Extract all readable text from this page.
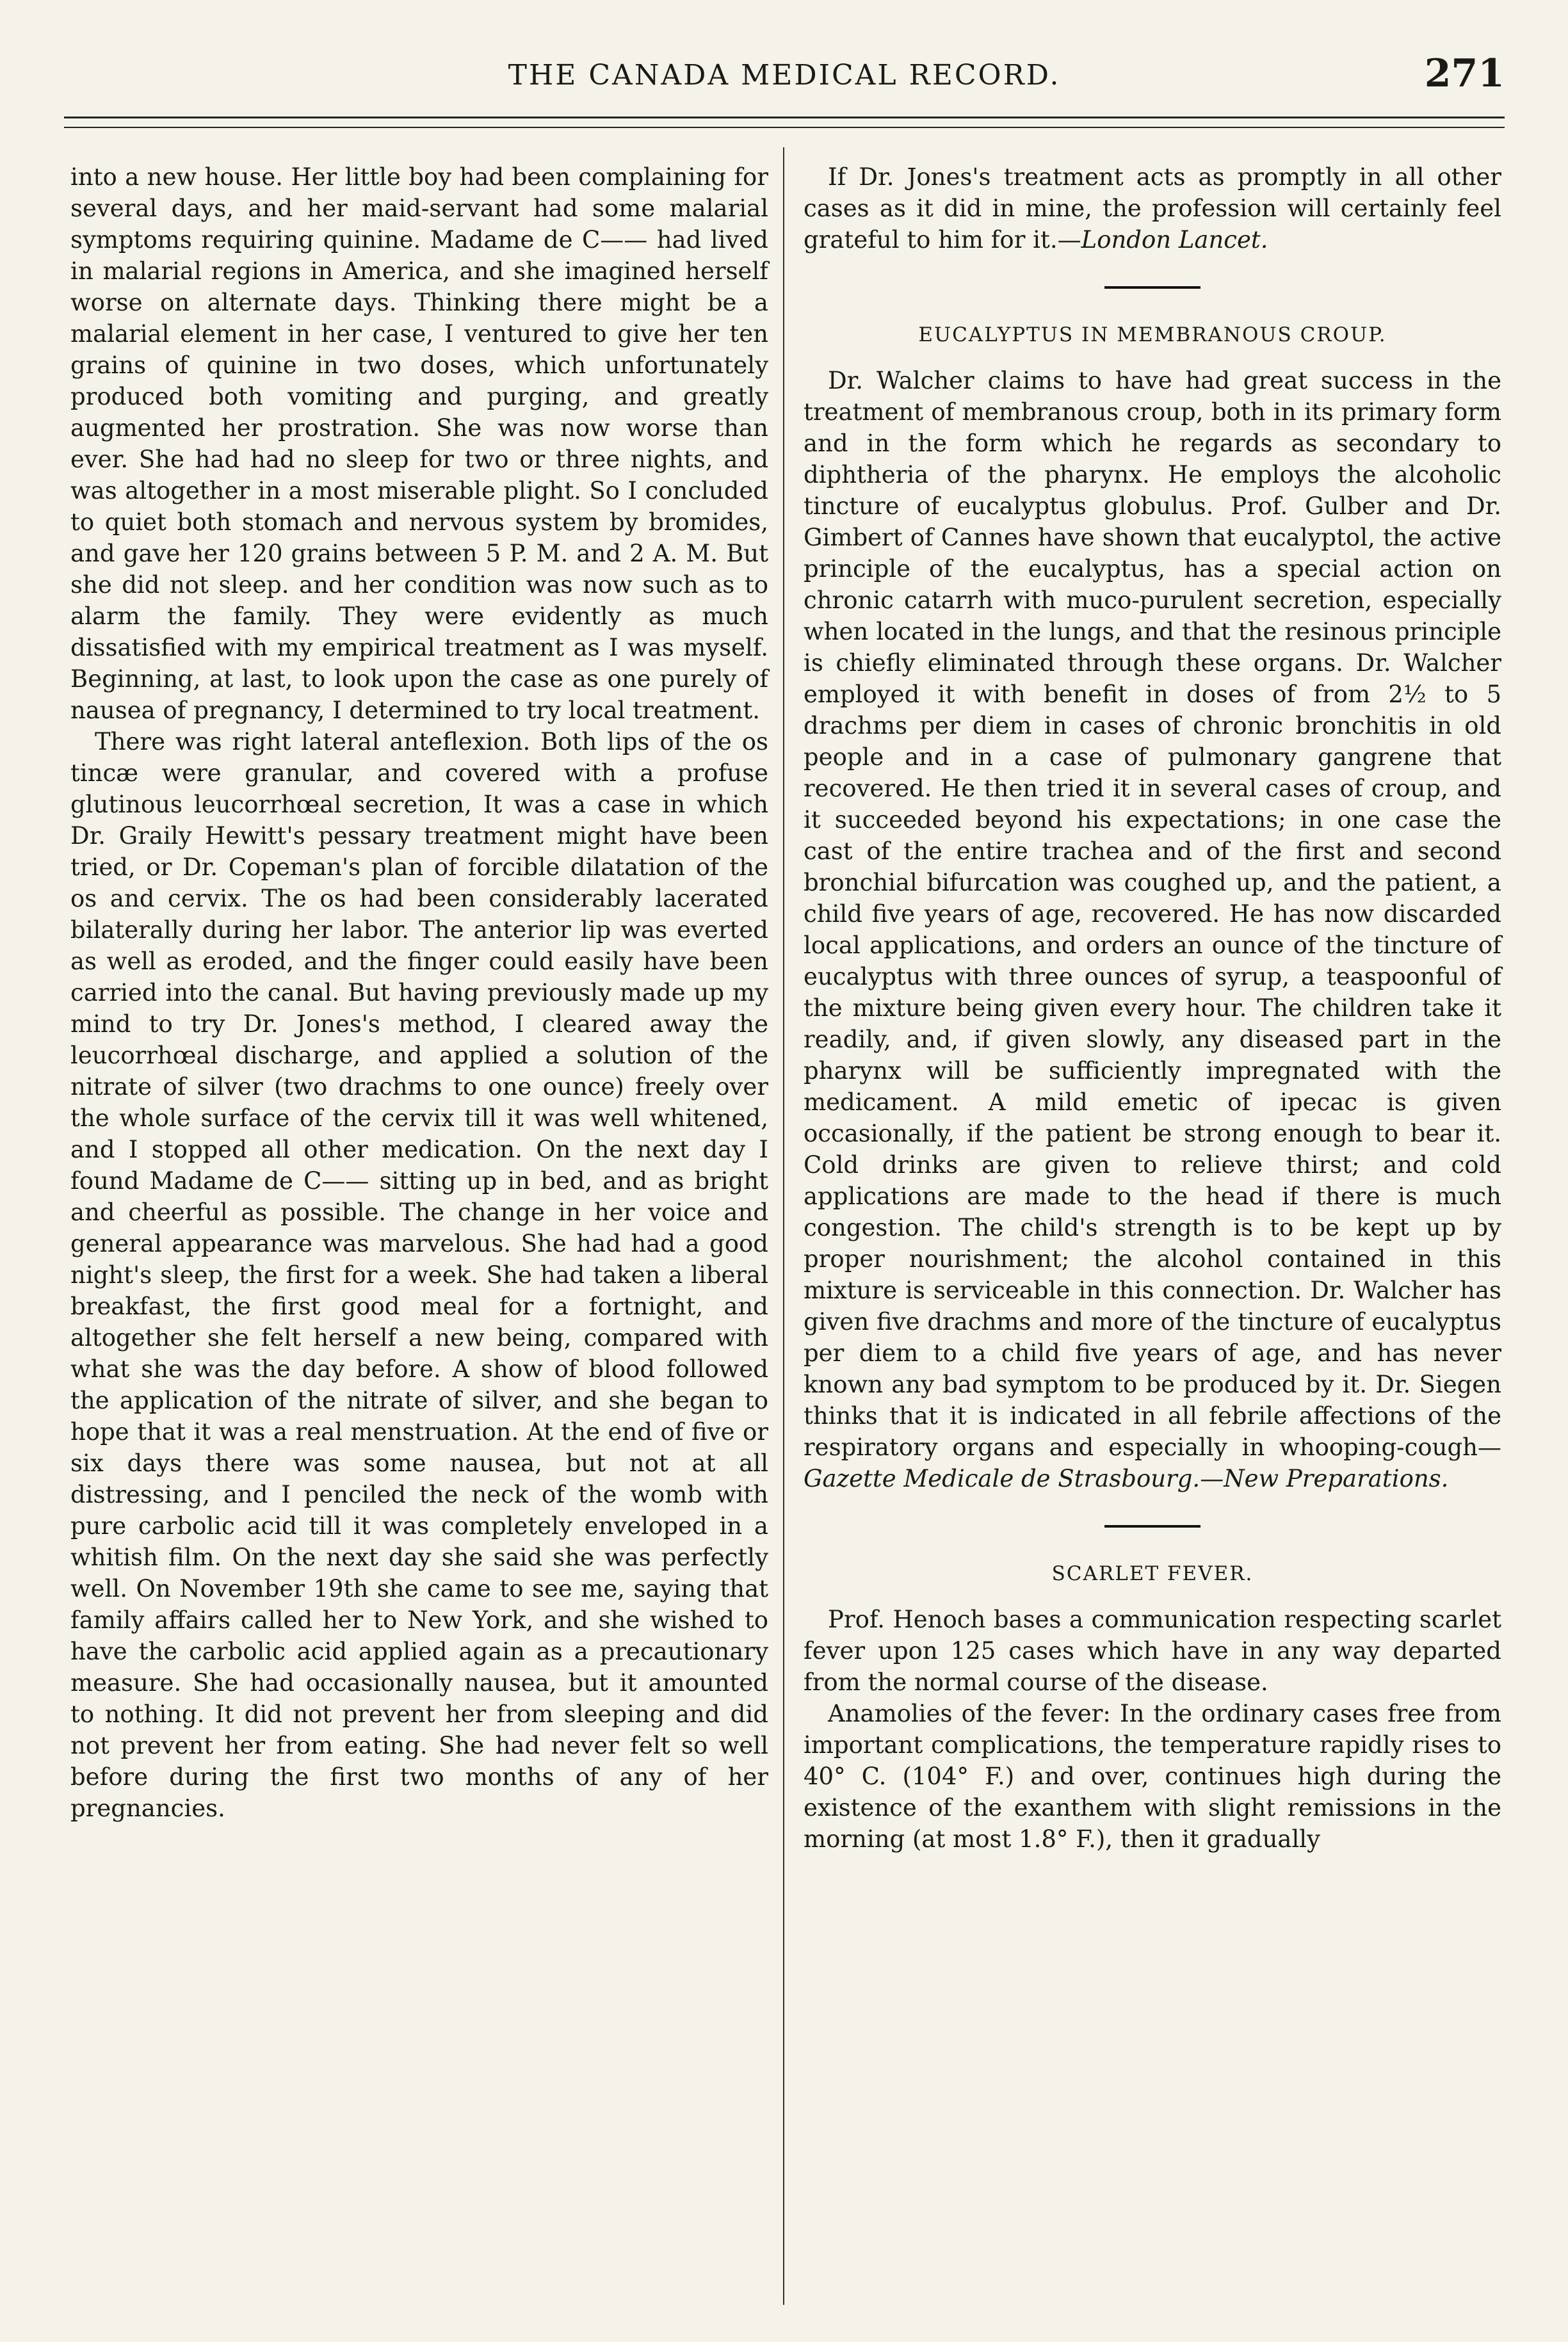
THE CANADA MEDICAL RECORD.	271

into a new house. Her little boy had been complaining for several days, and her maid-servant had some malarial symptoms requiring quinine. Madame de C—— had lived in malarial regions in America, and she imagined herself worse on alternate days. Thinking there might be a malarial element in her case, I ventured to give her ten grains of quinine in two doses, which unfortunately produced both vomiting and purging, and greatly augmented her prostration. She was now worse than ever. She had had no sleep for two or three nights, and was altogether in a most miserable plight. So I concluded to quiet both stomach and nervous system by bromides, and gave her 120 grains between 5 P. M. and 2 A. M. But she did not sleep. and her condition was now such as to alarm the family. They were evidently as much dissatisfied with my empirical treatment as I was myself. Beginning, at last, to look upon the case as one purely of nausea of pregnancy, I determined to try local treatment.

There was right lateral anteflexion. Both lips of the os tincæ were granular, and covered with a profuse glutinous leucorrhœal secretion, It was a case in which Dr. Graily Hewitt's pessary treatment might have been tried, or Dr. Copeman's plan of forcible dilatation of the os and cervix. The os had been considerably lacerated bilaterally during her labor. The anterior lip was everted as well as eroded, and the finger could easily have been carried into the canal. But having previously made up my mind to try Dr. Jones's method, I cleared away the leucorrhœal discharge, and applied a solution of the nitrate of silver (two drachms to one ounce) freely over the whole surface of the cervix till it was well whitened, and I stopped all other medication. On the next day I found Madame de C—— sitting up in bed, and as bright and cheerful as possible. The change in her voice and general appearance was marvelous. She had had a good night's sleep, the first for a week. She had taken a liberal breakfast, the first good meal for a fortnight, and altogether she felt herself a new being, compared with what she was the day before. A show of blood followed the application of the nitrate of silver, and she began to hope that it was a real menstruation. At the end of five or six days there was some nausea, but not at all distressing, and I penciled the neck of the womb with pure carbolic acid till it was completely enveloped in a whitish film. On the next day she said she was perfectly well. On November 19th she came to see me, saying that family affairs called her to New York, and she wished to have the carbolic acid applied again as a precautionary measure. She had occasionally nausea, but it amounted to nothing. It did not prevent her from sleeping and did not prevent her from eating. She had never felt so well before during the first two months of any of her pregnancies.

If Dr. Jones's treatment acts as promptly in all other cases as it did in mine, the profession will certainly feel grateful to him for it.—London Lancet.

EUCALYPTUS IN MEMBRANOUS CROUP.

Dr. Walcher claims to have had great success in the treatment of membranous croup, both in its primary form and in the form which he regards as secondary to diphtheria of the pharynx. He employs the alcoholic tincture of eucalyptus globulus. Prof. Gulber and Dr. Gimbert of Cannes have shown that eucalyptol, the active principle of the eucalyptus, has a special action on chronic catarrh with muco-purulent secretion, especially when located in the lungs, and that the resinous principle is chiefly eliminated through these organs. Dr. Walcher employed it with benefit in doses of from 2½ to 5 drachms per diem in cases of chronic bronchitis in old people and in a case of pulmonary gangrene that recovered. He then tried it in several cases of croup, and it succeeded beyond his expectations; in one case the cast of the entire trachea and of the first and second bronchial bifurcation was coughed up, and the patient, a child five years of age, recovered. He has now discarded local applications, and orders an ounce of the tincture of eucalyptus with three ounces of syrup, a teaspoonful of the mixture being given every hour. The children take it readily, and, if given slowly, any diseased part in the pharynx will be sufficiently impregnated with the medicament. A mild emetic of ipecac is given occasionally, if the patient be strong enough to bear it. Cold drinks are given to relieve thirst; and cold applications are made to the head if there is much congestion. The child's strength is to be kept up by proper nourishment; the alcohol contained in this mixture is serviceable in this connection. Dr. Walcher has given five drachms and more of the tincture of eucalyptus per diem to a child five years of age, and has never known any bad symptom to be produced by it. Dr. Siegen thinks that it is indicated in all febrile affections of the respiratory organs and especially in whooping-cough—Gazette Medicale de Strasbourg.—New Preparations.

SCARLET FEVER.

Prof. Henoch bases a communication respecting scarlet fever upon 125 cases which have in any way departed from the normal course of the disease.

Anamolies of the fever: In the ordinary cases free from important complications, the temperature rapidly rises to 40° C. (104° F.) and over, continues high during the existence of the exanthem with slight remissions in the morning (at most 1.8° F.), then it gradually
